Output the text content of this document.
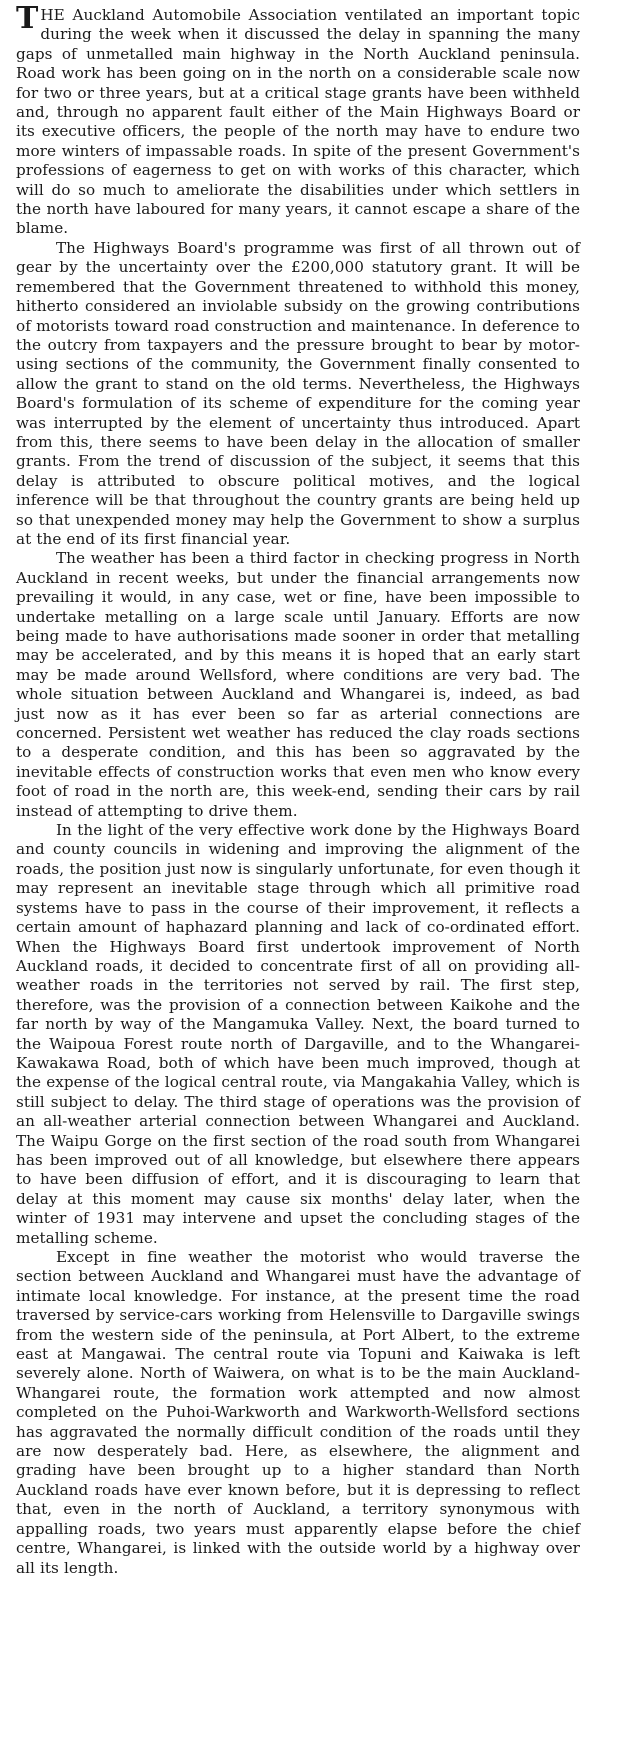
THE Auckland Automobile Association ventilated an important topic during the week when it discussed the delay in spanning the many gaps of unmetalled main highway in the North Auckland peninsula. Road work has been going on in the north on a considerable scale now for two or three years, but at a critical stage grants have been withheld and, through no apparent fault either of the Main Highways Board or its executive officers, the people of the north may have to endure two more winters of impassable roads. In spite of the present Government's professions of eagerness to get on with works of this character, which will do so much to ameliorate the disabilities under which settlers in the north have laboured for many years, it cannot escape a share of the blame.

The Highways Board's programme was first of all thrown out of gear by the uncertainty over the £200,000 statutory grant. It will be remembered that the Government threatened to withhold this money, hitherto considered an inviolable subsidy on the growing contributions of motorists toward road construction and maintenance. In deference to the outcry from taxpayers and the pressure brought to bear by motor-using sections of the community, the Government finally consented to allow the grant to stand on the old terms. Nevertheless, the Highways Board's formulation of its scheme of expenditure for the coming year was interrupted by the element of uncertainty thus introduced. Apart from this, there seems to have been delay in the allocation of smaller grants. From the trend of discussion of the subject, it seems that this delay is attributed to obscure political motives, and the logical inference will be that throughout the country grants are being held up so that unexpended money may help the Government to show a surplus at the end of its first financial year.

The weather has been a third factor in checking progress in North Auckland in recent weeks, but under the financial arrangements now prevailing it would, in any case, wet or fine, have been impossible to undertake metalling on a large scale until January. Efforts are now being made to have authorisations made sooner in order that metalling may be accelerated, and by this means it is hoped that an early start may be made around Wellsford, where conditions are very bad. The whole situation between Auckland and Whangarei is, indeed, as bad just now as it has ever been so far as arterial connections are concerned. Persistent wet weather has reduced the clay roads sections to a desperate condition, and this has been so aggravated by the inevitable effects of construction works that even men who know every foot of road in the north are, this week-end, sending their cars by rail instead of attempting to drive them.

In the light of the very effective work done by the Highways Board and county councils in widening and improving the alignment of the roads, the position just now is singularly unfortunate, for even though it may represent an inevitable stage through which all primitive road systems have to pass in the course of their improvement, it reflects a certain amount of haphazard planning and lack of co-ordinated effort. When the Highways Board first undertook improvement of North Auckland roads, it decided to concentrate first of all on providing all-weather roads in the territories not served by rail. The first step, therefore, was the provision of a connection between Kaikohe and the far north by way of the Mangamuka Valley. Next, the board turned to the Waipoua Forest route north of Dargaville, and to the Whangarei-Kawakawa Road, both of which have been much improved, though at the expense of the logical central route, via Mangakahia Valley, which is still subject to delay. The third stage of operations was the provision of an all-weather arterial connection between Whangarei and Auckland. The Waipu Gorge on the first section of the road south from Whangarei has been improved out of all knowledge, but elsewhere there appears to have been diffusion of effort, and it is discouraging to learn that delay at this moment may cause six months' delay later, when the winter of 1931 may intervene and upset the concluding stages of the metalling scheme.

Except in fine weather the motorist who would traverse the section between Auckland and Whangarei must have the advantage of intimate local knowledge. For instance, at the present time the road traversed by service-cars working from Helensville to Dargaville swings from the western side of the peninsula, at Port Albert, to the extreme east at Mangawai. The central route via Topuni and Kaiwaka is left severely alone. North of Waiwera, on what is to be the main Auckland-Whangarei route, the formation work attempted and now almost completed on the Puhoi-Warkworth and Warkworth-Wellsford sections has aggravated the normally difficult condition of the roads until they are now desperately bad. Here, as elsewhere, the alignment and grading have been brought up to a higher standard than North Auckland roads have ever known before, but it is depressing to reflect that, even in the north of Auckland, a territory synonymous with appalling roads, two years must apparently elapse before the chief centre, Whangarei, is linked with the outside world by a highway over all its length.
